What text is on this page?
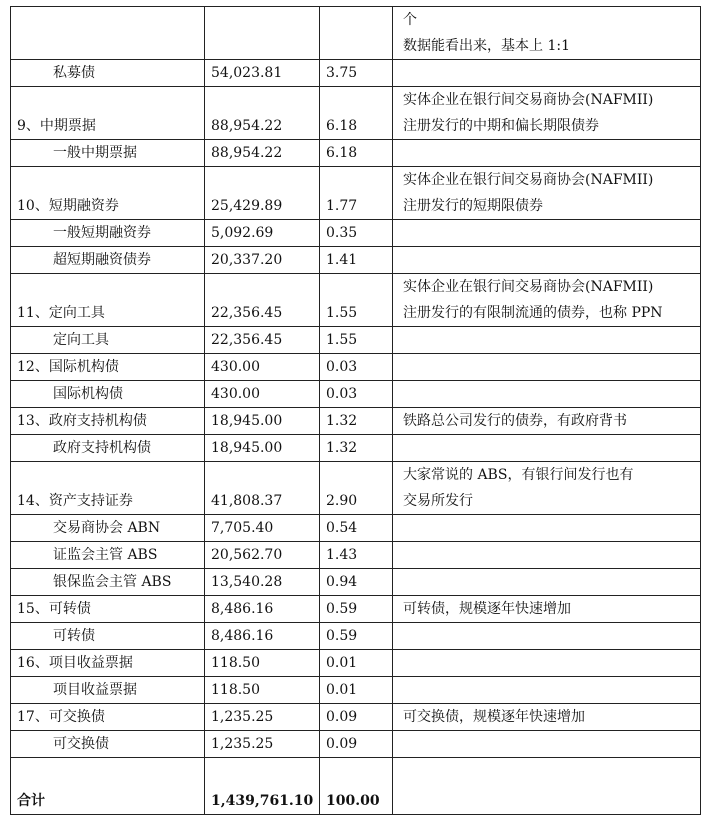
			个
数据能看出来，基本上 1:1

私募债	54,023.81	3.75	
9、中期票据	88,954.22	6.18	实体企业在银行间交易商协会(NAFMII)
注册发行的中期和偏长期限债券

一般中期票据	88,954.22	6.18	
10、短期融资券	25,429.89	1.77	实体企业在银行间交易商协会(NAFMII)
注册发行的短期限债券

一般短期融资券	5,092.69	0.35	
超短期融资债券	20,337.20	1.41	
11、定向工具	22,356.45	1.55	实体企业在银行间交易商协会(NAFMII)
注册发行的有限制流通的债券，也称 PPN

定向工具	22,356.45	1.55	
12、国际机构债	430.00	0.03	
国际机构债	430.00	0.03	
13、政府支持机构债	18,945.00	1.32	铁路总公司发行的债券，有政府背书

政府支持机构债	18,945.00	1.32	
14、资产支持证券	41,808.37	2.90	大家常说的 ABS，有银行间发行也有
交易所发行

交易商协会 ABN	7,705.40	0.54	
证监会主管 ABS	20,562.70	1.43	
银保监会主管 ABS	13,540.28	0.94	
15、可转债	8,486.16	0.59	可转债，规模逐年快速增加

可转债	8,486.16	0.59	
16、项目收益票据	118.50	0.01	
项目收益票据	118.50	0.01	
17、可交换债	1,235.25	0.09	可交换债，规模逐年快速增加

可交换债	1,235.25	0.09	
合计	1,439,761.10	100.00	
